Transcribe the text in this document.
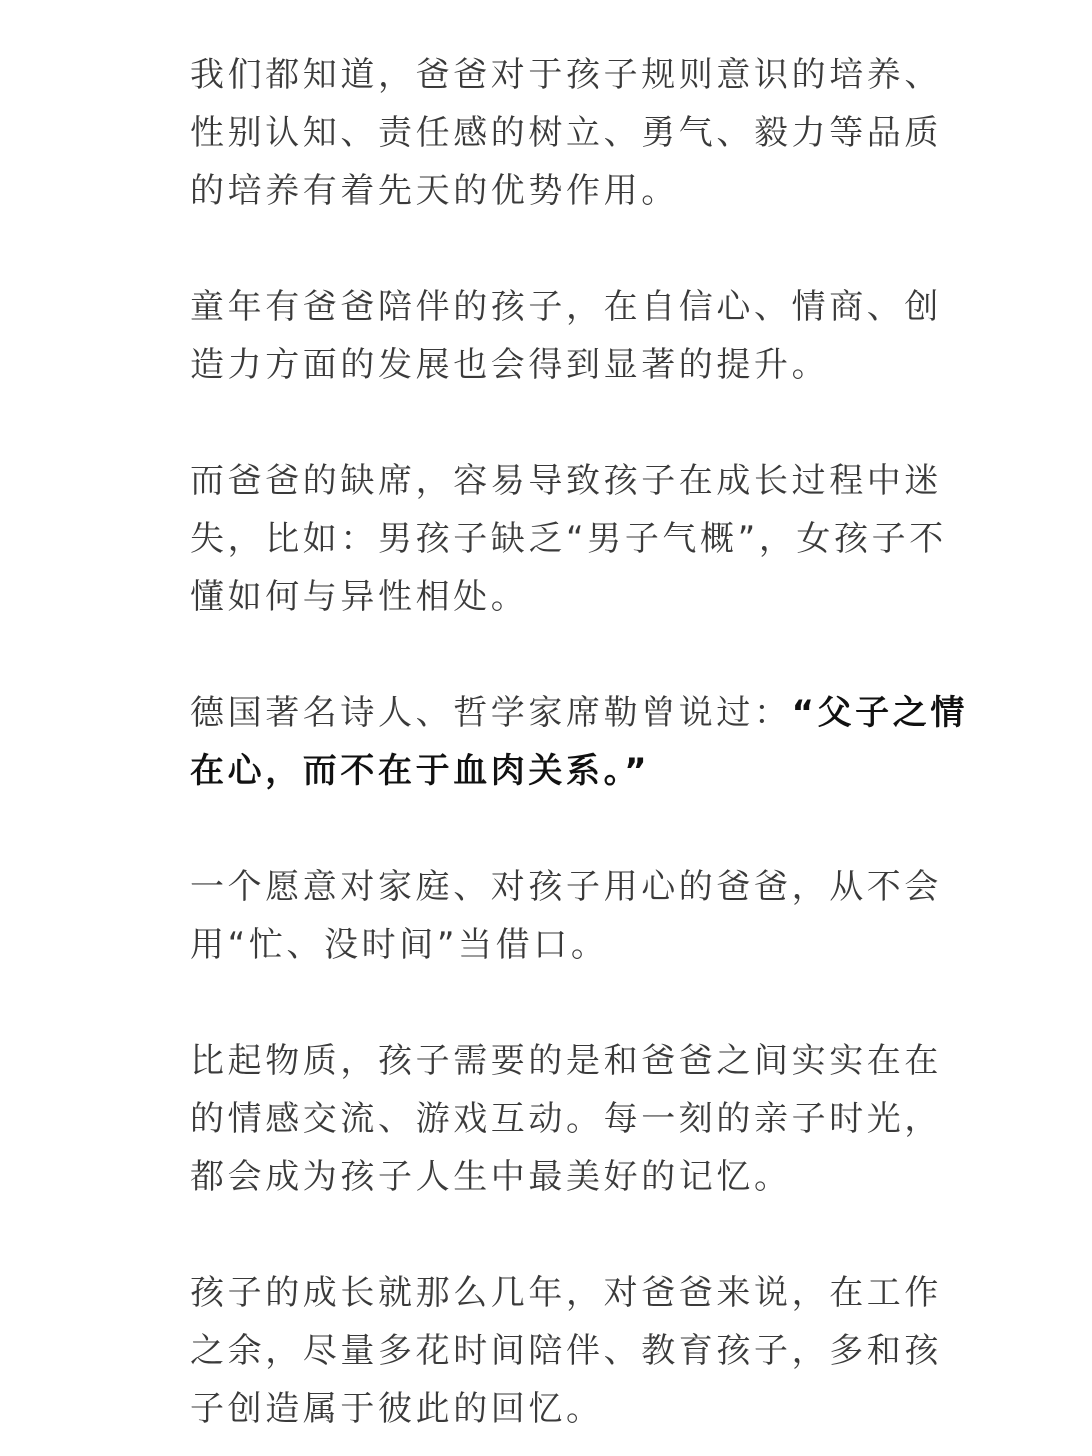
我们都知道，爸爸对于孩子规则意识的培养、
性别认知、责任感的树立、勇气、毅力等品质
的培养有着先天的优势作用。
童年有爸爸陪伴的孩子，在自信心、情商、创
造力方面的发展也会得到显著的提升。
而爸爸的缺席，容易导致孩子在成长过程中迷
失，比如：男孩子缺乏“男子气概”，女孩子不
懂如何与异性相处。
德国著名诗人、哲学家席勒曾说过：“父子之情
在心，而不在于血肉关系。”
一个愿意对家庭、对孩子用心的爸爸，从不会
用“忙、没时间”当借口。
比起物质，孩子需要的是和爸爸之间实实在在
的情感交流、游戏互动。每一刻的亲子时光，
都会成为孩子人生中最美好的记忆。
孩子的成长就那么几年，对爸爸来说，在工作
之余，尽量多花时间陪伴、教育孩子，多和孩
子创造属于彼此的回忆。
